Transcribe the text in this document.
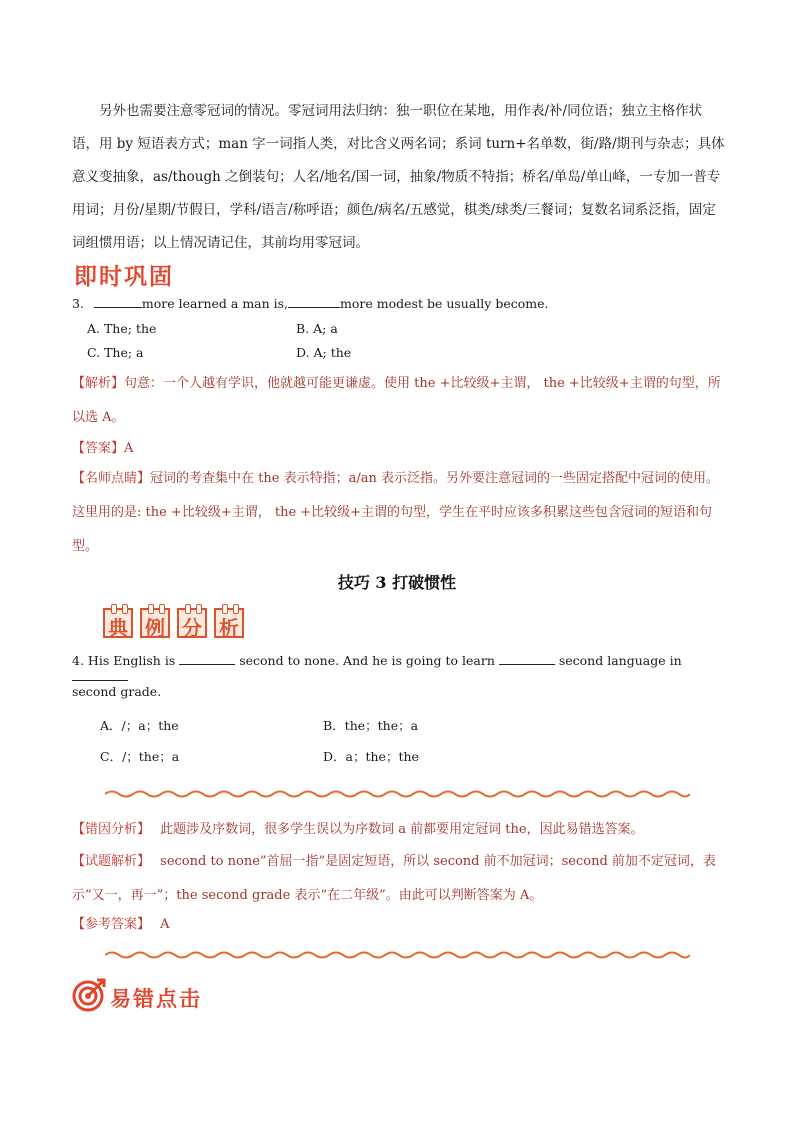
另外也需要注意零冠词的情况。零冠词用法归纳：独一职位在某地，用作表/补/同位语；独立主格作状语，用 by 短语表方式；man 字一词指人类，对比含义两名词；系词 turn+名单数，街/路/期刊与杂志；具体意义变抽象，as/though 之倒装句；人名/地名/国一词，抽象/物质不特指；桥名/单岛/单山峰，一专加一普专用词；月份/星期/节假日，学科/语言/称呼语；颜色/病名/五感觉，棋类/球类/三餐词；复数名词系泛指，固定词组惯用语；以上情况请记住，其前均用零冠词。
即时巩固
3.	more learned a man is,	more modest be usually become.
A. The; the	B. A; a
C. The; a	D. A; the
【解析】句意：一个人越有学识，他就越可能更谦虚。使用 the +比较级+主谓， the +比较级+主谓的句型，所以选 A。
【答案】A
【名师点睛】冠词的考查集中在 the 表示特指；a/an 表示泛指。另外要注意冠词的一些固定搭配中冠词的使用。这里用的是: the +比较级+主谓， the +比较级+主谓的句型，学生在平时应该多积累这些包含冠词的短语和句型。
技巧 3 打破惯性
典 例 分 析
4. His English is	second to none. And he is going to learn	second language in
second grade.
A．/；a；the	B．the；the；a
C．/；the；a	D．a；the；the
【错因分析】 此题涉及序数词，很多学生误以为序数词 a 前都要用定冠词 the，因此易错选答案。
【试题解析】 second to none”首屈一指”是固定短语，所以 second 前不加冠词；second 前加不定冠词，表示”又一，再一”；the second grade 表示”在二年级”。由此可以判断答案为 A。
【参考答案】 A
易错点击
